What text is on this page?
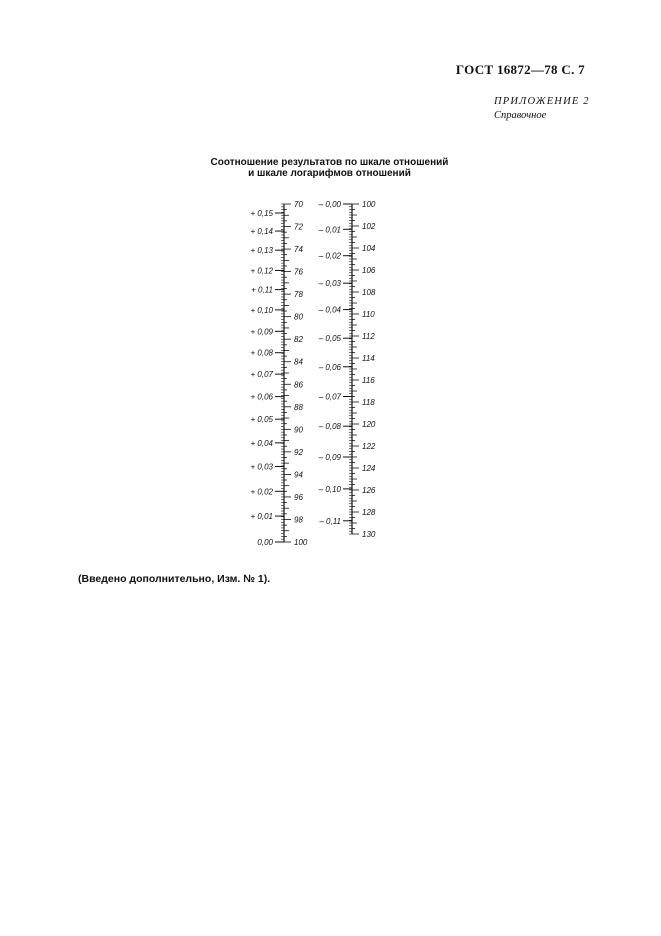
ГОСТ 16872—78 С. 7
ПРИЛОЖЕНИЕ 2
Справочное
Соотношение результатов по шкале отношений
и шкале логарифмов отношений
70
72
74
76
78
80
82
84
86
88
90
92
94
96
98
100
+ 0,15
+ 0,14
+ 0,13
+ 0,12
+ 0,11
+ 0,10
+ 0,09
+ 0,08
+ 0,07
+ 0,06
+ 0,05
+ 0,04
+ 0,03
+ 0,02
+ 0,01
0,00
100
102
104
106
108
110
112
114
116
118
120
122
124
126
128
130
– 0,00
– 0,01
– 0,02
– 0,03
– 0,04
– 0,05
– 0,06
– 0,07
– 0,08
– 0,09
– 0,10
– 0,11
(Введено дополнительно, Изм. № 1).
